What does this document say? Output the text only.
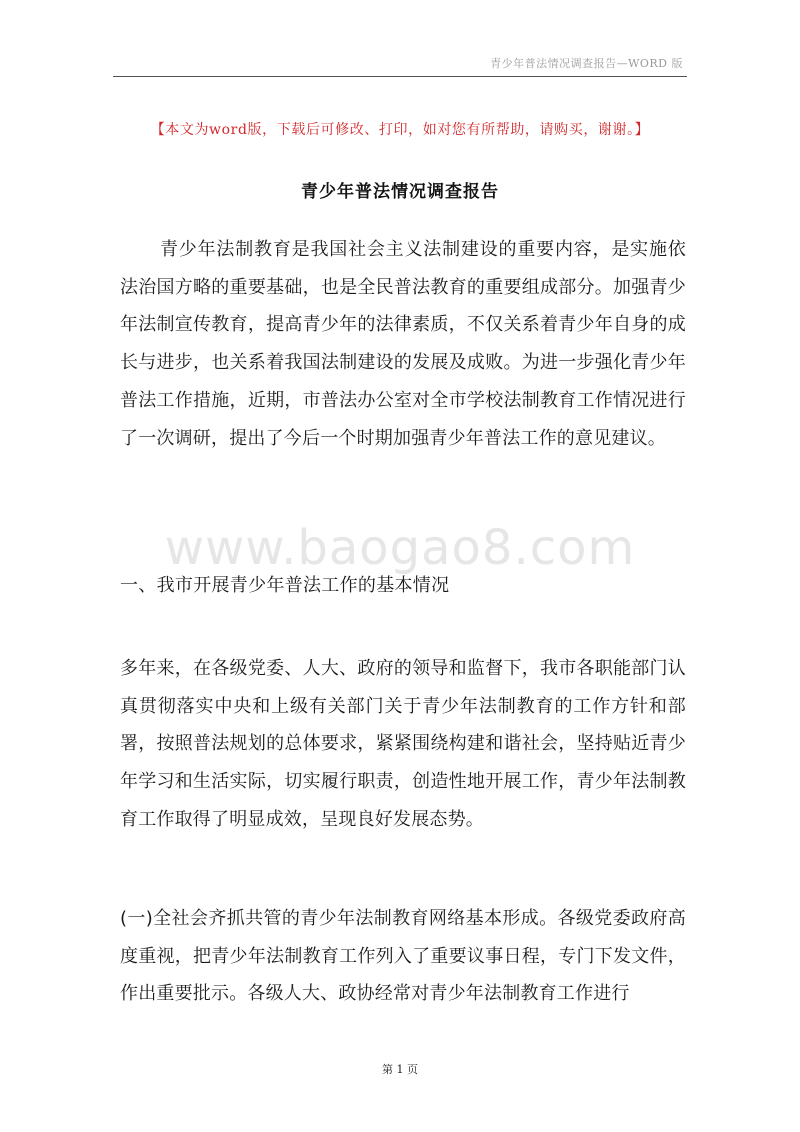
青少年普法情况调查报告—WORD 版
【本文为word版，下载后可修改、打印，如对您有所帮助，请购买，谢谢。】
青少年普法情况调查报告
青少年法制教育是我国社会主义法制建设的重要内容，是实施依法治国方略的重要基础，也是全民普法教育的重要组成部分。加强青少年法制宣传教育，提高青少年的法律素质，不仅关系着青少年自身的成长与进步，也关系着我国法制建设的发展及成败。为进一步强化青少年普法工作措施，近期，市普法办公室对全市学校法制教育工作情况进行了一次调研，提出了今后一个时期加强青少年普法工作的意见建议。
www.baogao8.com
一、我市开展青少年普法工作的基本情况
多年来，在各级党委、人大、政府的领导和监督下，我市各职能部门认真贯彻落实中央和上级有关部门关于青少年法制教育的工作方针和部署，按照普法规划的总体要求，紧紧围绕构建和谐社会，坚持贴近青少年学习和生活实际，切实履行职责，创造性地开展工作，青少年法制教育工作取得了明显成效，呈现良好发展态势。
(一)全社会齐抓共管的青少年法制教育网络基本形成。各级党委政府高度重视，把青少年法制教育工作列入了重要议事日程，专门下发文件，作出重要批示。各级人大、政协经常对青少年法制教育工作进行
第 1 页
